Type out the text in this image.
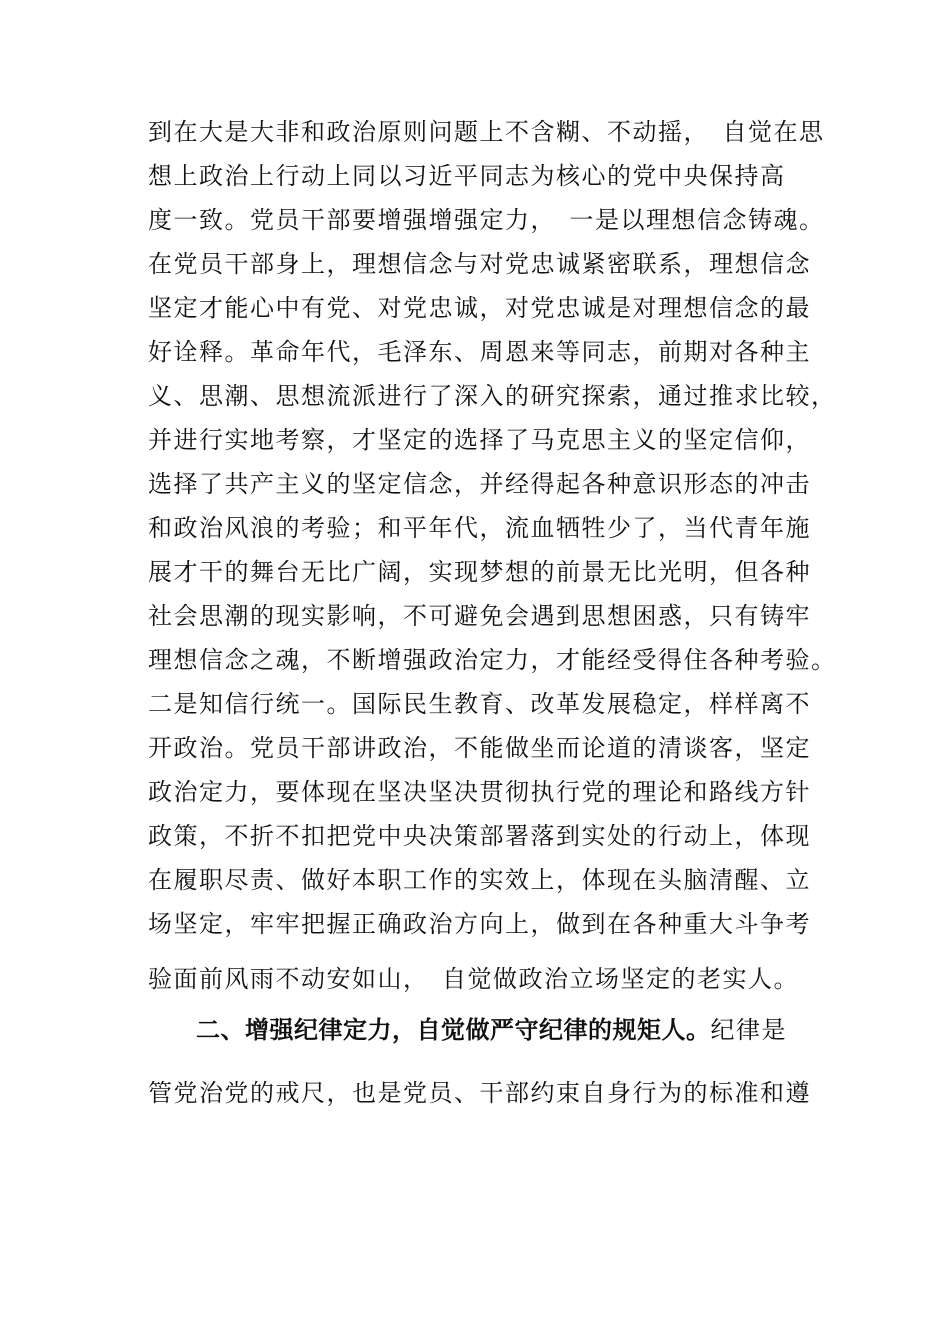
到在大是大非和政治原则问题上不含糊、不动摇，　自觉在思
想上政治上行动上同以习近平同志为核心的党中央保持高
度一致。党员干部要增强增强定力，　一是以理想信念铸魂。
在党员干部身上，理想信念与对党忠诚紧密联系，理想信念
坚定才能心中有党、对党忠诚，对党忠诚是对理想信念的最
好诠释。革命年代，毛泽东、周恩来等同志，前期对各种主
义、思潮、思想流派进行了深入的研究探索，通过推求比较，
并进行实地考察，才坚定的选择了马克思主义的坚定信仰，
选择了共产主义的坚定信念，并经得起各种意识形态的冲击
和政治风浪的考验；和平年代，流血牺牲少了，当代青年施
展才干的舞台无比广阔，实现梦想的前景无比光明，但各种
社会思潮的现实影响，不可避免会遇到思想困惑，只有铸牢
理想信念之魂，不断增强政治定力，才能经受得住各种考验。
二是知信行统一。国际民生教育、改革发展稳定，样样离不
开政治。党员干部讲政治，不能做坐而论道的清谈客，坚定
政治定力，要体现在坚决坚决贯彻执行党的理论和路线方针
政策，不折不扣把党中央决策部署落到实处的行动上，体现
在履职尽责、做好本职工作的实效上，体现在头脑清醒、立
场坚定，牢牢把握正确政治方向上，做到在各种重大斗争考
验面前风雨不动安如山，　自觉做政治立场坚定的老实人。
二、增强纪律定力，自觉做严守纪律的规矩人。纪律是
管党治党的戒尺，也是党员、干部约束自身行为的标准和遵
